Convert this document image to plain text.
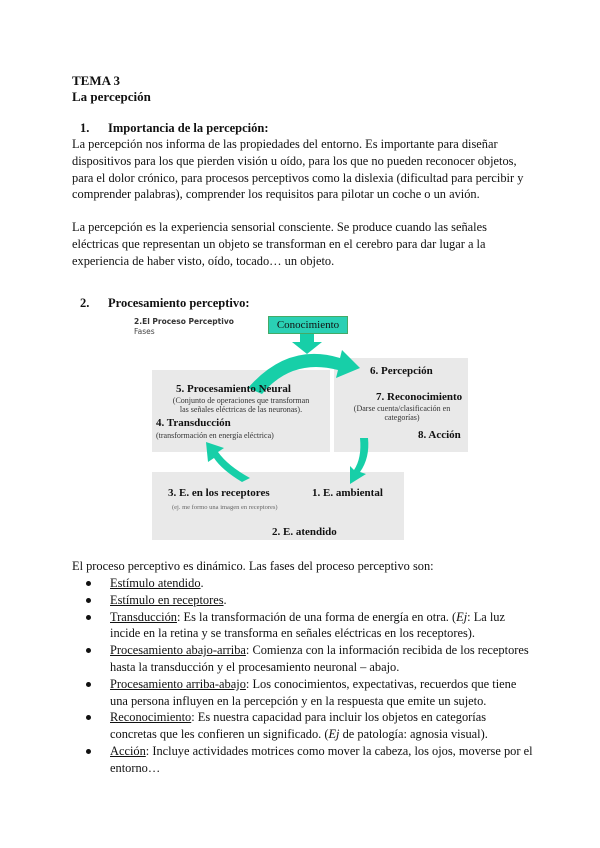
TEMA 3
La percepción
1. Importancia de la percepción:

La percepción nos informa de las propiedades del entorno. Es importante para diseñar dispositivos para los que pierden visión u oído, para los que no pueden reconocer objetos, para el dolor crónico, para procesos perceptivos como la dislexia (dificultad para percibir y comprender palabras), comprender los requisitos para pilotar un coche o un avión.

La percepción es la experiencia sensorial consciente. Se produce cuando las señales eléctricas que representan un objeto se transforman en el cerebro para dar lugar a la experiencia de haber visto, oído, tocado… un objeto.

2. Procesamiento perceptivo:
2.El Proceso Perceptivo
Fases
Conocimiento
5. Procesamiento Neural
(Conjunto de operaciones que transforman
las señales eléctricas de las neuronas).
4. Transducción
(transformación en energía eléctrica)
6. Percepción
7. Reconocimiento
(Darse cuenta/clasificación en
categorías)
8. Acción
3. E. en los receptores
(ej. me formo una imagen en receptores)
1. E. ambiental
2. E. atendido
El proceso perceptivo es dinámico. Las fases del proceso perceptivo son:
Estímulo atendido.
Estímulo en receptores.
Transducción: Es la transformación de una forma de energía en otra. (Ej: La luz incide en la retina y se transforma en señales eléctricas en los receptores).
Procesamiento abajo-arriba: Comienza con la información recibida de los receptores hasta la transducción y el procesamiento neuronal – abajo.
Procesamiento arriba-abajo: Los conocimientos, expectativas, recuerdos que tiene una persona influyen en la percepción y en la respuesta que emite un sujeto.
Reconocimiento: Es nuestra capacidad para incluir los objetos en categorías concretas que les confieren un significado. (Ej de patología: agnosia visual).
Acción: Incluye actividades motrices como mover la cabeza, los ojos, moverse por el entorno…
